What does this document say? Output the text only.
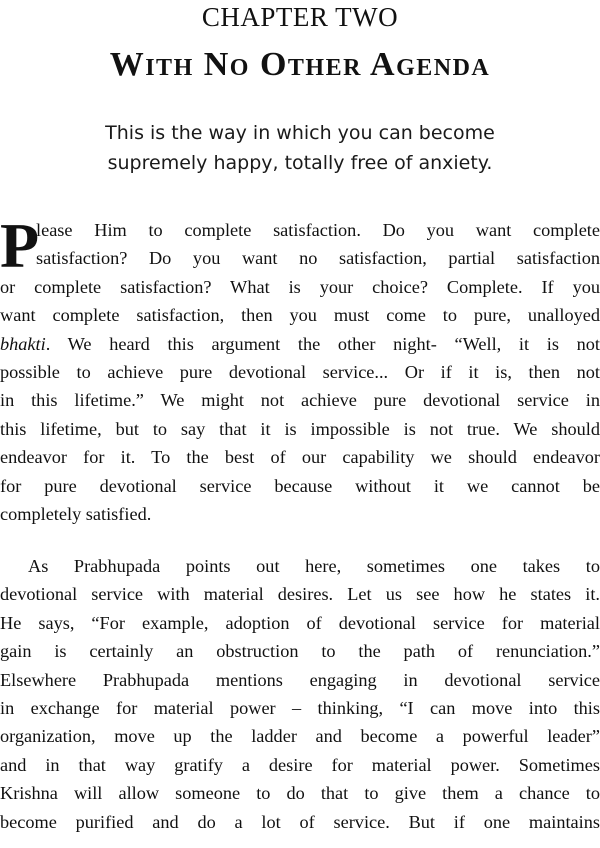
CHAPTER TWO
With No Other Agenda
This is the way in which you can become
supremely happy, totally free of anxiety.
P
lease Him to complete satisfaction. Do you want complete
satisfaction? Do you want no satisfaction, partial satisfaction
or complete satisfaction? What is your choice? Complete. If you
want complete satisfaction, then you must come to pure, unalloyed
bhakti. We heard this argument the other night- “Well, it is not
possible to achieve pure devotional service... Or if it is, then not
in this lifetime.” We might not achieve pure devotional service in
this lifetime, but to say that it is impossible is not true. We should
endeavor for it. To the best of our capability we should endeavor
for pure devotional service because without it we cannot be
completely satisfied.
As Prabhupada points out here, sometimes one takes to
devotional service with material desires. Let us see how he states it.
He says, “For example, adoption of devotional service for material
gain is certainly an obstruction to the path of renunciation.”
Elsewhere Prabhupada mentions engaging in devotional service
in exchange for material power – thinking, “I can move into this
organization, move up the ladder and become a powerful leader”
and in that way gratify a desire for material power. Sometimes
Krishna will allow someone to do that to give them a chance to
become purified and do a lot of service. But if one maintains
